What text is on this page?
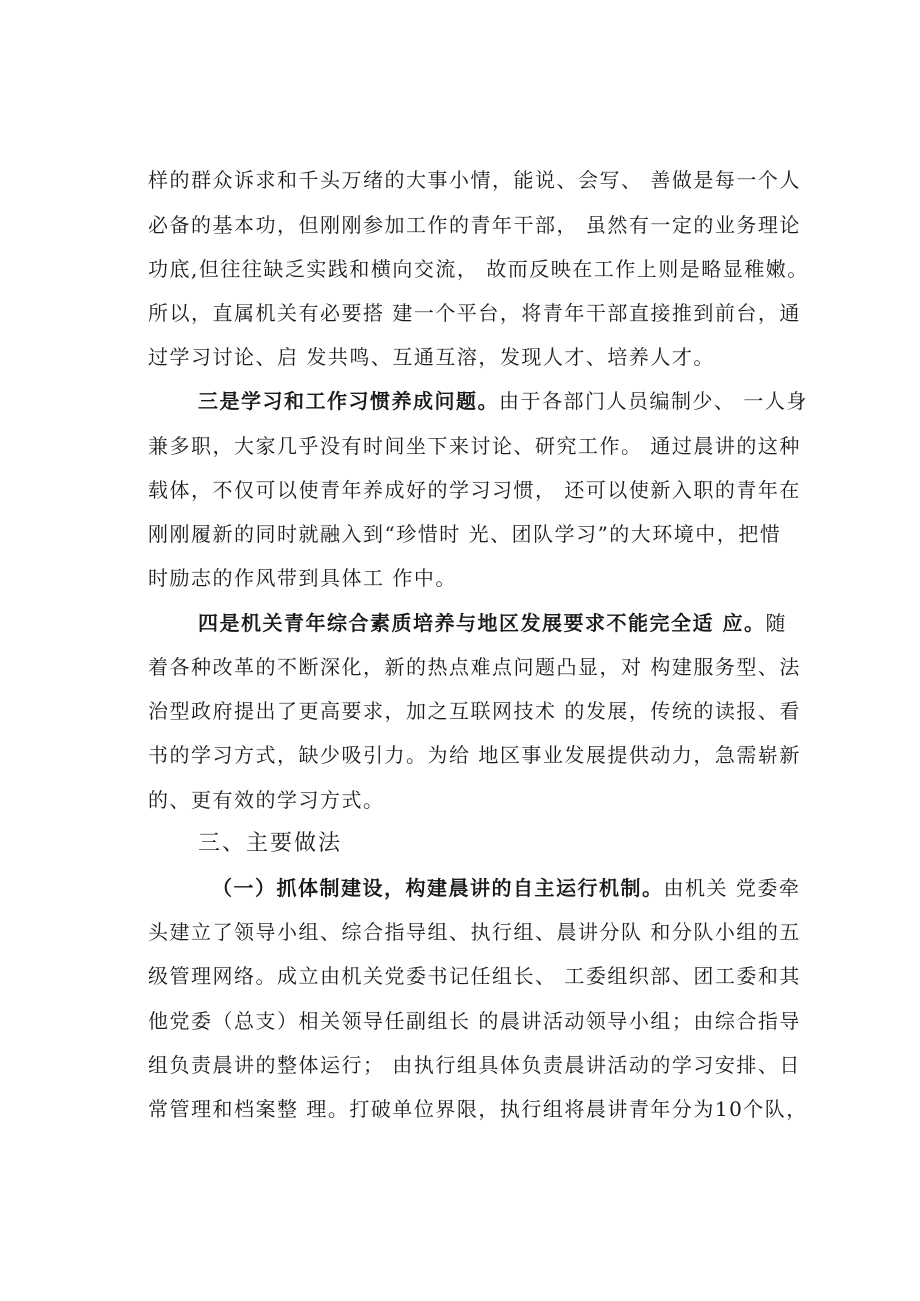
样的群众诉求和千头万绪的大事小情，能说、会写、 善做是每一个人
必备的基本功，但刚刚参加工作的青年干部， 虽然有一定的业务理论
功底,但往往缺乏实践和横向交流， 故而反映在工作上则是略显稚嫩。
所以，直属机关有必要搭 建一个平台，将青年干部直接推到前台，通
过学习讨论、启 发共鸣、互通互溶，发现人才、培养人才。
三是学习和工作习惯养成问题。由于各部门人员编制少、 一人身
兼多职，大家几乎没有时间坐下来讨论、研究工作。 通过晨讲的这种
载体，不仅可以使青年养成好的学习习惯， 还可以使新入职的青年在
刚刚履新的同时就融入到“珍惜时 光、团队学习”的大环境中，把惜
时励志的作风带到具体工 作中。
四是机关青年综合素质培养与地区发展要求不能完全适 应。随
着各种改革的不断深化，新的热点难点问题凸显，对 构建服务型、法
治型政府提出了更高要求，加之互联网技术 的发展，传统的读报、看
书的学习方式，缺少吸引力。为给 地区事业发展提供动力，急需崭新
的、更有效的学习方式。
三、主要做法
（一）抓体制建设，构建晨讲的自主运行机制。由机关 党委牵
头建立了领导小组、综合指导组、执行组、晨讲分队 和分队小组的五
级管理网络。成立由机关党委书记任组长、 工委组织部、团工委和其
他党委（总支）相关领导任副组长 的晨讲活动领导小组；由综合指导
组负责晨讲的整体运行； 由执行组具体负责晨讲活动的学习安排、日
常管理和档案整 理。打破单位界限，执行组将晨讲青年分为10个队，
